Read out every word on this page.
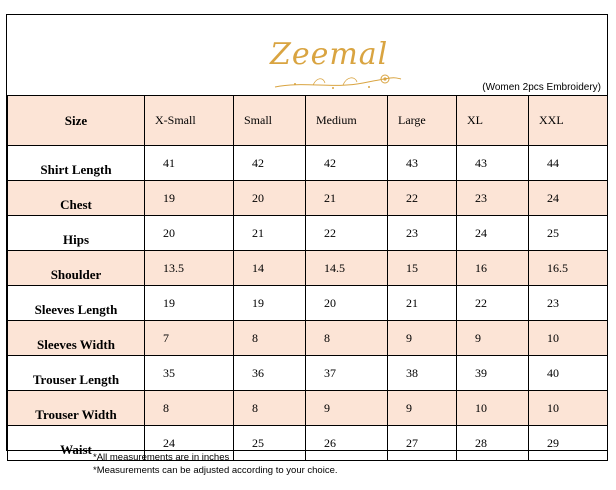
Zeemal
(Women 2pcs Embroidery)
Size	X-Small	Small	Medium	Large	XL	XXL
Shirt Length	41	42	42	43	43	44
Chest	19	20	21	22	23	24
Hips	20	21	22	23	24	25
Shoulder	13.5	14	14.5	15	16	16.5
Sleeves Length	19	19	20	21	22	23
Sleeves Width	7	8	8	9	9	10
Trouser Length	35	36	37	38	39	40
Trouser Width	8	8	9	9	10	10
Waist	24	25	26	27	28	29
*All measurements are in inches
*Measurements can be adjusted according to your choice.
